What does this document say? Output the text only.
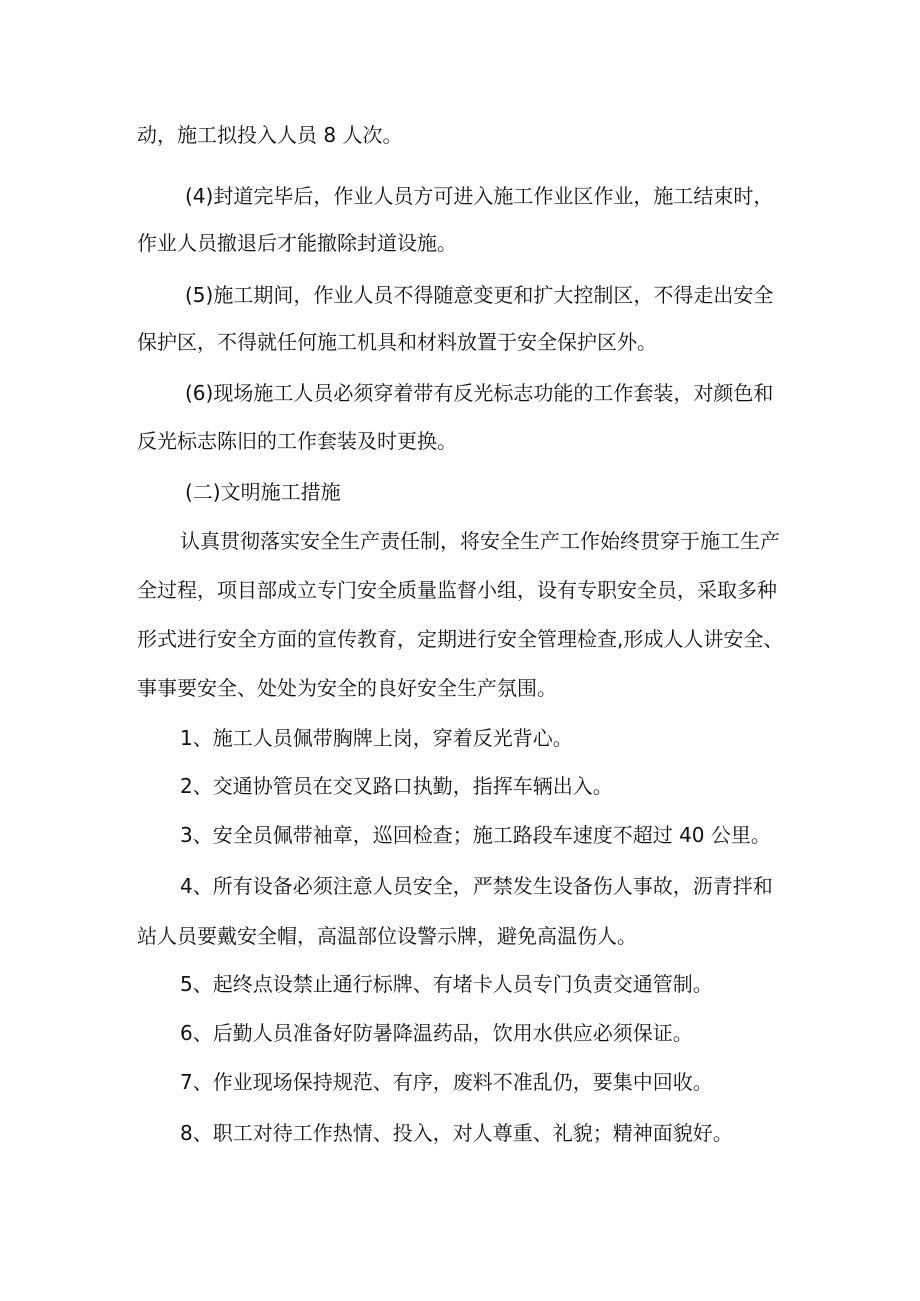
动，施工拟投入人员 8 人次。
(4)封道完毕后，作业人员方可进入施工作业区作业，施工结束时，
作业人员撤退后才能撤除封道设施。
(5)施工期间，作业人员不得随意变更和扩大控制区，不得走出安全
保护区，不得就任何施工机具和材料放置于安全保护区外。
(6)现场施工人员必须穿着带有反光标志功能的工作套装，对颜色和
反光标志陈旧的工作套装及时更换。
(二)文明施工措施
认真贯彻落实安全生产责任制，将安全生产工作始终贯穿于施工生产
全过程，项目部成立专门安全质量监督小组，设有专职安全员，采取多种
形式进行安全方面的宣传教育，定期进行安全管理检查,形成人人讲安全、
事事要安全、处处为安全的良好安全生产氛围。
1、施工人员佩带胸牌上岗，穿着反光背心。
2、交通协管员在交叉路口执勤，指挥车辆出入。
3、安全员佩带袖章，巡回检查；施工路段车速度不超过 40 公里。
4、所有设备必须注意人员安全，严禁发生设备伤人事故，沥青拌和
站人员要戴安全帽，高温部位设警示牌，避免高温伤人。
5、起终点设禁止通行标牌、有堵卡人员专门负责交通管制。
6、后勤人员准备好防暑降温药品，饮用水供应必须保证。
7、作业现场保持规范、有序，废料不准乱仍，要集中回收。
8、职工对待工作热情、投入，对人尊重、礼貌；精神面貌好。
